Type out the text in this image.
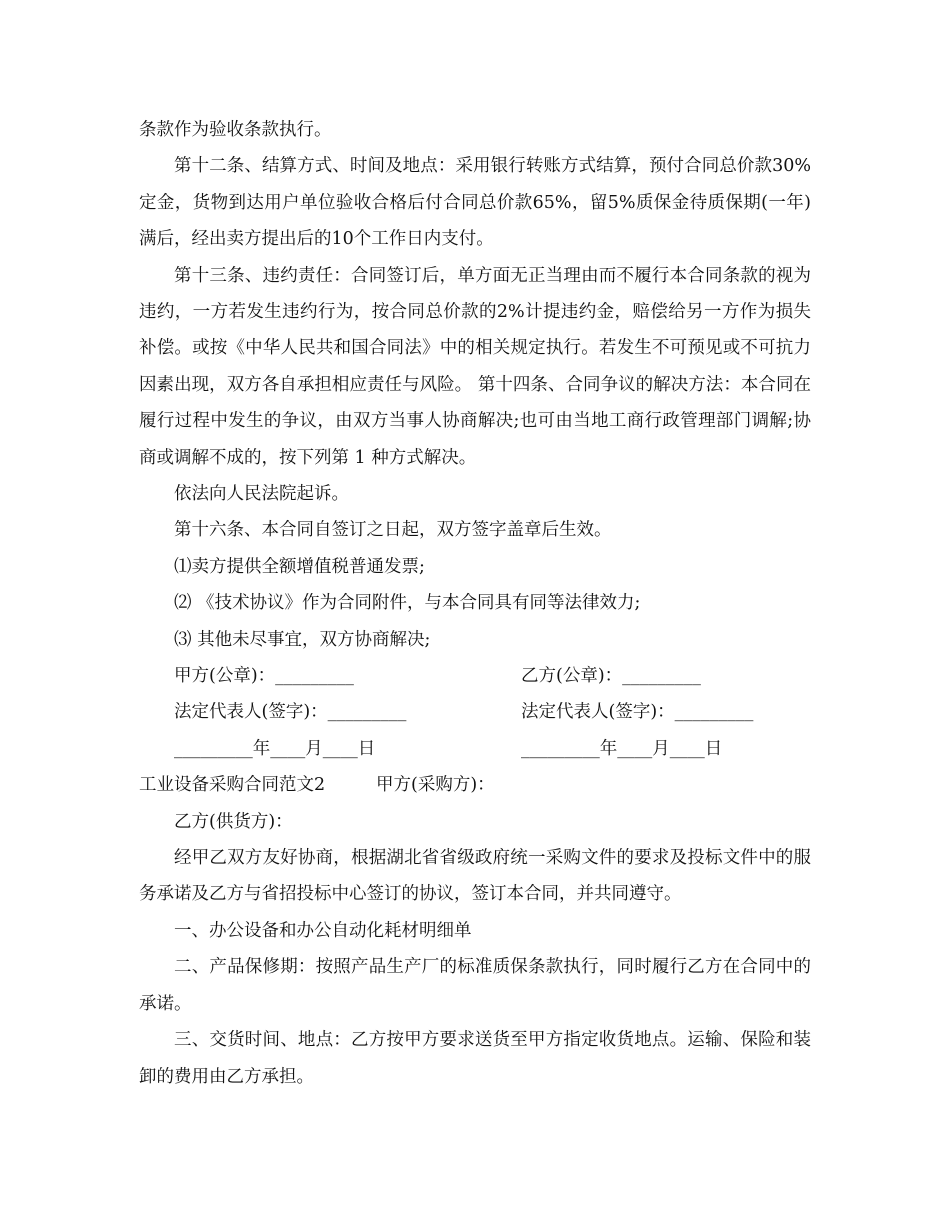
条款作为验收条款执行。

第十二条、结算方式、时间及地点：采用银行转账方式结算，预付合同总价款30%定金，货物到达用户单位验收合格后付合同总价款65%，留5%质保金待质保期(一年)满后，经出卖方提出后的10个工作日内支付。

第十三条、违约责任：合同签订后，单方面无正当理由而不履行本合同条款的视为违约，一方若发生违约行为，按合同总价款的2%计提违约金，赔偿给另一方作为损失补偿。或按《中华人民共和国合同法》中的相关规定执行。若发生不可预见或不可抗力因素出现，双方各自承担相应责任与风险。 第十四条、合同争议的解决方法：本合同在履行过程中发生的争议，由双方当事人协商解决;也可由当地工商行政管理部门调解;协商或调解不成的，按下列第 1 种方式解决。

依法向人民法院起诉。

第十六条、本合同自签订之日起，双方签字盖章后生效。

⑴卖方提供全额增值税普通发票;

⑵ 《技术协议》作为合同附件，与本合同具有同等法律效力;

⑶ 其他未尽事宜，双方协商解决;

甲方(公章)：_________	乙方(公章)：_________
法定代表人(签字)：_________	法定代表人(签字)：_________
_________年____月____日	_________年____月____日
工业设备采购合同范文2	甲方(采购方)：

乙方(供货方)：

经甲乙双方友好协商，根据湖北省省级政府统一采购文件的要求及投标文件中的服务承诺及乙方与省招投标中心签订的协议，签订本合同，并共同遵守。

一、办公设备和办公自动化耗材明细单

二、产品保修期：按照产品生产厂的标准质保条款执行，同时履行乙方在合同中的承诺。

三、交货时间、地点：乙方按甲方要求送货至甲方指定收货地点。运输、保险和装卸的费用由乙方承担。
